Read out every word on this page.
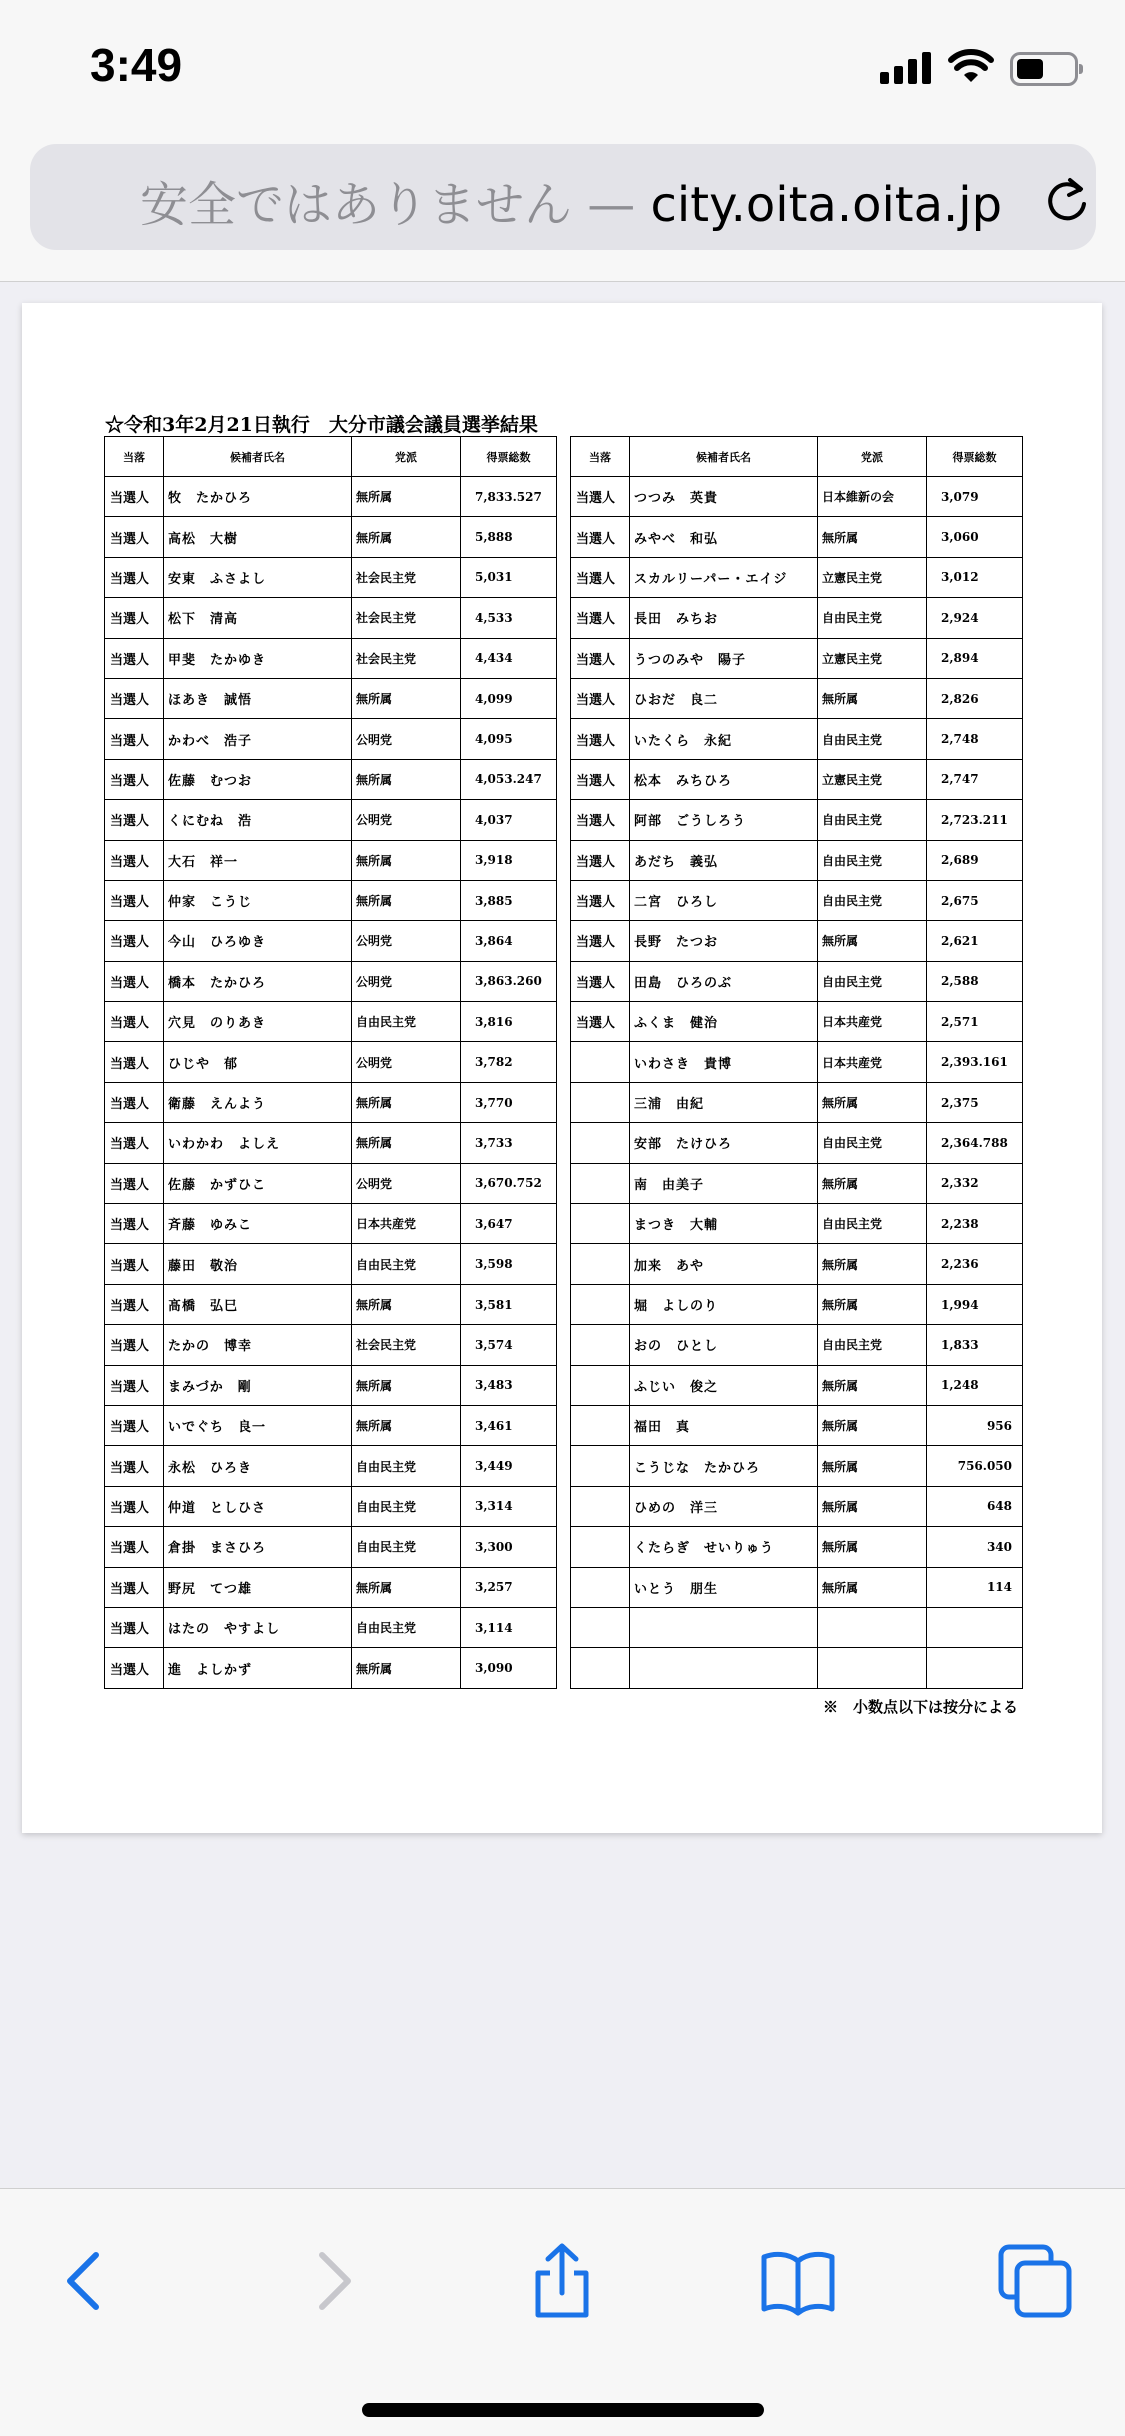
3:49
安全ではありません — city.oita.oita.jp
☆令和3年2月21日執行　大分市議会議員選挙結果
当落	候補者氏名	党派	得票総数
当選人	牧　たかひろ	無所属	7,833.527
当選人	高松　大樹	無所属	5,888
当選人	安東　ふさよし	社会民主党	5,031
当選人	松下　清高	社会民主党	4,533
当選人	甲斐　たかゆき	社会民主党	4,434
当選人	ほあき　誠悟	無所属	4,099
当選人	かわべ　浩子	公明党	4,095
当選人	佐藤　むつお	無所属	4,053.247
当選人	くにむね　浩	公明党	4,037
当選人	大石　祥一	無所属	3,918
当選人	仲家　こうじ	無所属	3,885
当選人	今山　ひろゆき	公明党	3,864
当選人	橋本　たかひろ	公明党	3,863.260
当選人	穴見　のりあき	自由民主党	3,816
当選人	ひじや　郁	公明党	3,782
当選人	衛藤　えんよう	無所属	3,770
当選人	いわかわ　よしえ	無所属	3,733
当選人	佐藤　かずひこ	公明党	3,670.752
当選人	斉藤　ゆみこ	日本共産党	3,647
当選人	藤田　敬治	自由民主党	3,598
当選人	髙橋　弘巳	無所属	3,581
当選人	たかの　博幸	社会民主党	3,574
当選人	まみづか　剛	無所属	3,483
当選人	いでぐち　良一	無所属	3,461
当選人	永松　ひろき	自由民主党	3,449
当選人	仲道　としひさ	自由民主党	3,314
当選人	倉掛　まさひろ	自由民主党	3,300
当選人	野尻　てつ雄	無所属	3,257
当選人	はたの　やすよし	自由民主党	3,114
当選人	進　よしかず	無所属	3,090
当落	候補者氏名	党派	得票総数
当選人	つつみ　英貴	日本維新の会	3,079
当選人	みやべ　和弘	無所属	3,060
当選人	スカルリーパー・エイジ	立憲民主党	3,012
当選人	長田　みちお	自由民主党	2,924
当選人	うつのみや　陽子	立憲民主党	2,894
当選人	ひおだ　良二	無所属	2,826
当選人	いたくら　永紀	自由民主党	2,748
当選人	松本　みちひろ	立憲民主党	2,747
当選人	阿部　ごうしろう	自由民主党	2,723.211
当選人	あだち　義弘	自由民主党	2,689
当選人	二宮　ひろし	自由民主党	2,675
当選人	長野　たつお	無所属	2,621
当選人	田島　ひろのぶ	自由民主党	2,588
当選人	ふくま　健治	日本共産党	2,571
	いわさき　貴博	日本共産党	2,393.161
	三浦　由紀	無所属	2,375
	安部　たけひろ	自由民主党	2,364.788
	南　由美子	無所属	2,332
	まつき　大輔	自由民主党	2,238
	加来　あや	無所属	2,236
	堀　よしのり	無所属	1,994
	おの　ひとし	自由民主党	1,833
	ふじい　俊之	無所属	1,248
	福田　真	無所属	956
	こうじな　たかひろ	無所属	756.050
	ひめの　洋三	無所属	648
	くたらぎ　せいりゅう	無所属	340
	いとう　朋生	無所属	114

※　小数点以下は按分による
